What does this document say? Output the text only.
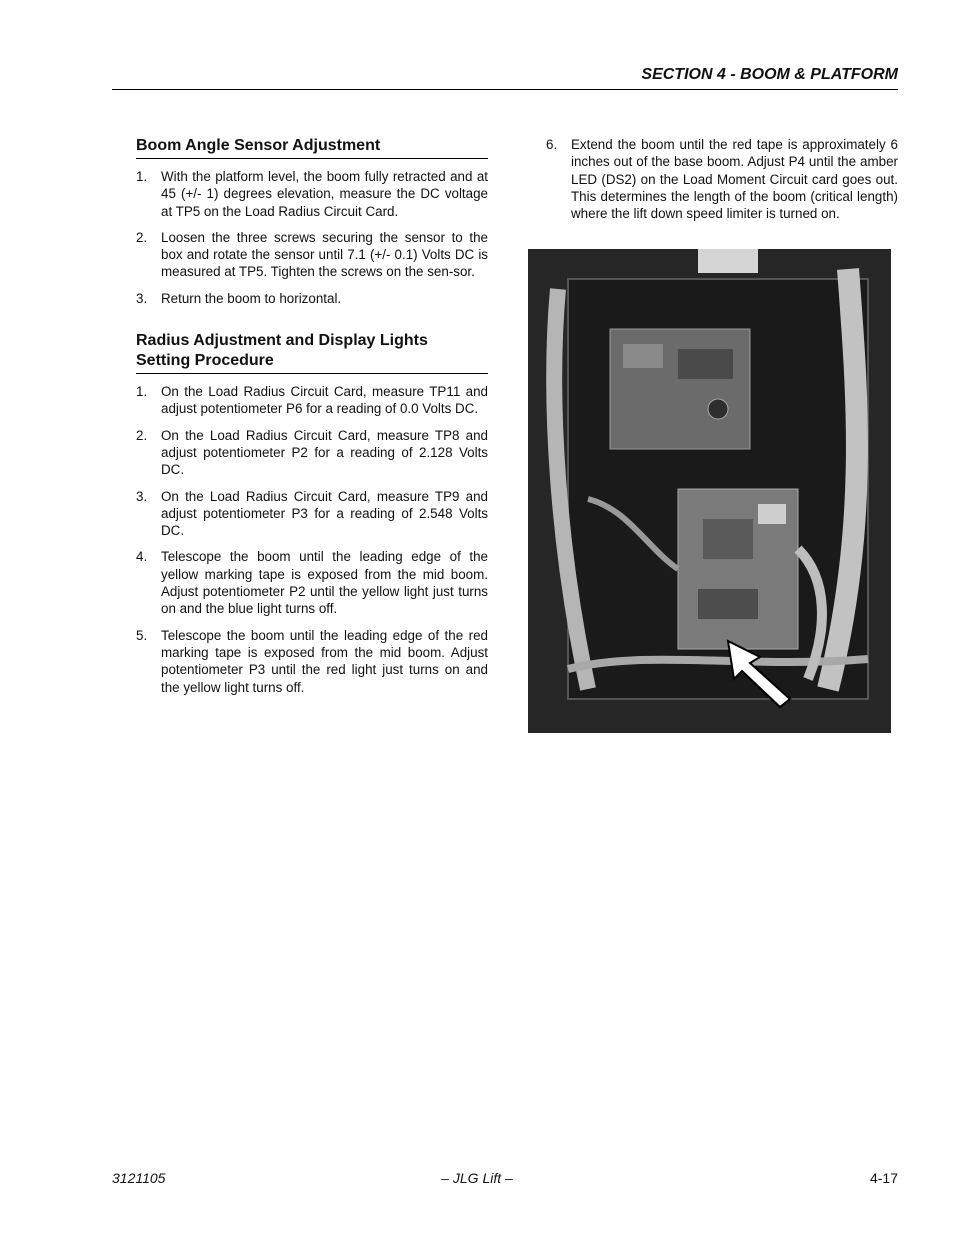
SECTION 4 - BOOM & PLATFORM
Boom Angle Sensor Adjustment
1. With the platform level, the boom fully retracted and at 45 (+/- 1) degrees elevation, measure the DC voltage at TP5 on the Load Radius Circuit Card.
2. Loosen the three screws securing the sensor to the box and rotate the sensor until 7.1 (+/- 0.1) Volts DC is measured at TP5. Tighten the screws on the sen-sor.
3. Return the boom to horizontal.
Radius Adjustment and Display Lights
Setting Procedure
1. On the Load Radius Circuit Card, measure TP11 and adjust potentiometer P6 for a reading of 0.0 Volts DC.
2. On the Load Radius Circuit Card, measure TP8 and adjust potentiometer P2 for a reading of 2.128 Volts DC.
3. On the Load Radius Circuit Card, measure TP9 and adjust potentiometer P3 for a reading of 2.548 Volts DC.
4. Telescope the boom until the leading edge of the yellow marking tape is exposed from the mid boom. Adjust potentiometer P2 until the yellow light just turns on and the blue light turns off.
5. Telescope the boom until the leading edge of the red marking tape is exposed from the mid boom. Adjust potentiometer P3 until the red light just turns on and the yellow light turns off.
6. Extend the boom until the red tape is approximately 6 inches out of the base boom. Adjust P4 until the amber LED (DS2) on the Load Moment Circuit card goes out. This determines the length of the boom (critical length) where the lift down speed limiter is turned on.
3121105	– JLG Lift –	4-17
